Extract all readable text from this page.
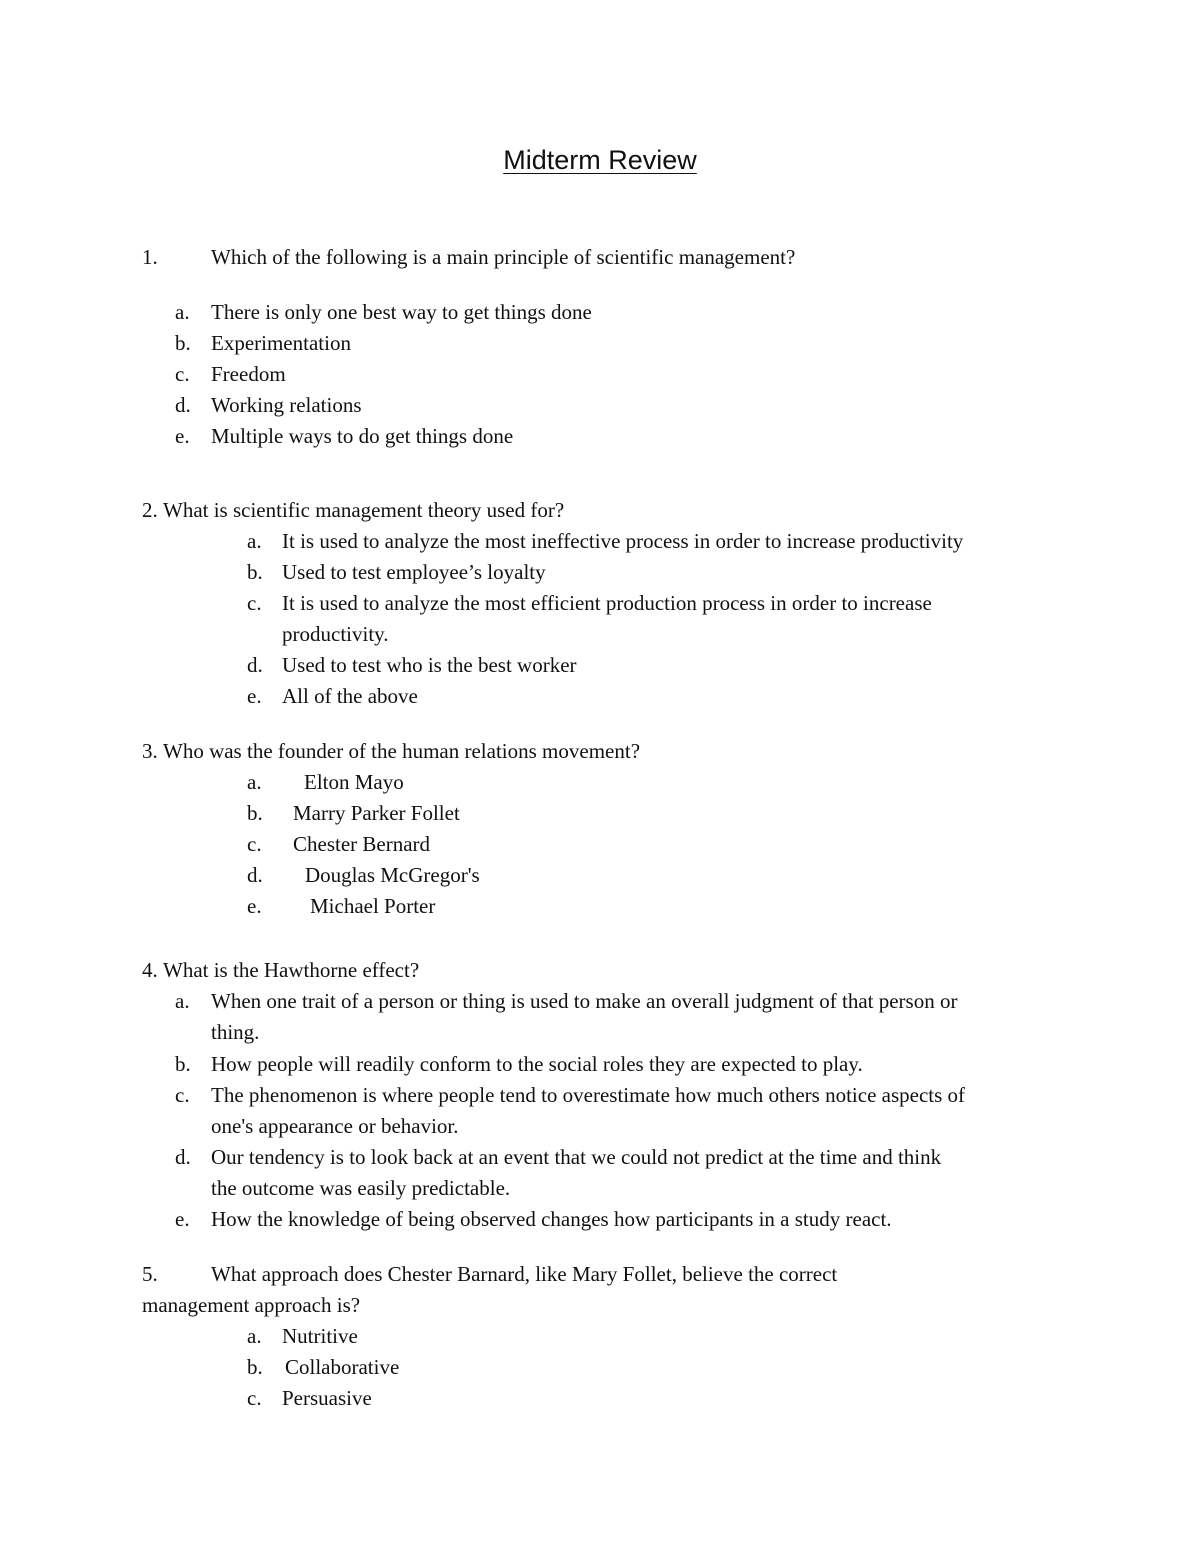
Midterm Review
1.	Which of the following is a main principle of scientific management?
a. There is only one best way to get things done
b. Experimentation
c. Freedom
d. Working relations
e. Multiple ways to do get things done
2. What is scientific management theory used for?
a. It is used to analyze the most ineffective process in order to increase productivity
b. Used to test employee’s loyalty
c. It is used to analyze the most efficient production process in order to increase
productivity.
d. Used to test who is the best worker
e. All of the above
3. Who was the founder of the human relations movement?
a. Elton Mayo
b. Marry Parker Follet
c. Chester Bernard
d. Douglas McGregor's
e. Michael Porter
4. What is the Hawthorne effect?
a. When one trait of a person or thing is used to make an overall judgment of that person or
thing.
b. How people will readily conform to the social roles they are expected to play.
c. The phenomenon is where people tend to overestimate how much others notice aspects of
one's appearance or behavior.
d. Our tendency is to look back at an event that we could not predict at the time and think
the outcome was easily predictable.
e. How the knowledge of being observed changes how participants in a study react.
5.	What approach does Chester Barnard, like Mary Follet, believe the correct
management approach is?
a. Nutritive
b. Collaborative
c. Persuasive
